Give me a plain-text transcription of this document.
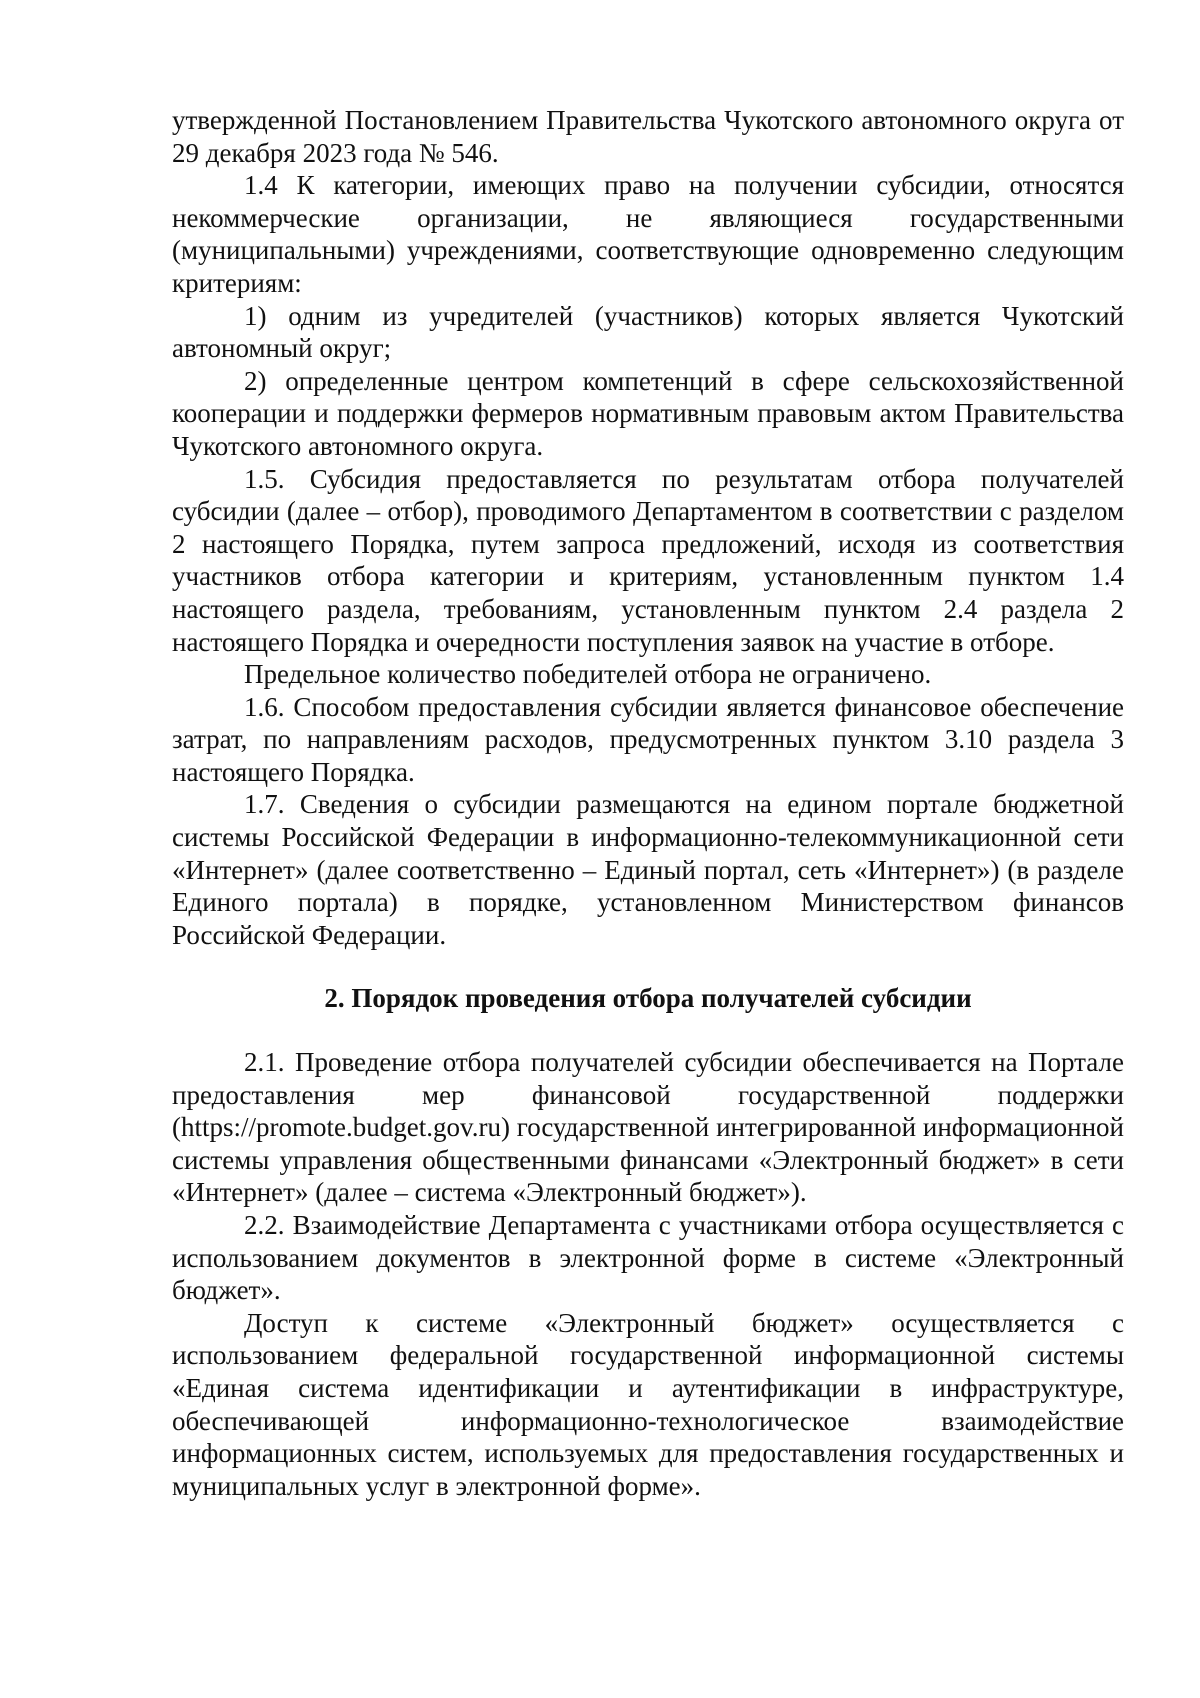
утвержденной Постановлением Правительства Чукотского автономного округа от 29 декабря 2023 года № 546.

1.4 К категории, имеющих право на получении субсидии, относятся некоммерческие организации, не являющиеся государственными (муниципальными) учреждениями, соответствующие одновременно следующим критериям:

1) одним из учредителей (участников) которых является Чукотский автономный округ;

2) определенные центром компетенций в сфере сельскохозяйственной кооперации и поддержки фермеров нормативным правовым актом Правительства Чукотского автономного округа.

1.5. Субсидия предоставляется по результатам отбора получателей субсидии (далее – отбор), проводимого Департаментом в соответствии с разделом 2 настоящего Порядка, путем запроса предложений, исходя из соответствия участников отбора категории и критериям, установленным пунктом 1.4 настоящего раздела, требованиям, установленным пунктом 2.4 раздела 2 настоящего Порядка и очередности поступления заявок на участие в отборе.

Предельное количество победителей отбора не ограничено.

1.6. Способом предоставления субсидии является финансовое обеспечение затрат, по направлениям расходов, предусмотренных пунктом 3.10 раздела 3 настоящего Порядка.

1.7. Сведения о субсидии размещаются на едином портале бюджетной системы Российской Федерации в информационно-телекоммуникационной сети «Интернет» (далее соответственно – Единый портал, сеть «Интернет») (в разделе Единого портала) в порядке, установленном Министерством финансов Российской Федерации.

2. Порядок проведения отбора получателей субсидии

2.1. Проведение отбора получателей субсидии обеспечивается на Портале предоставления мер финансовой государственной поддержки (https://promote.budget.gov.ru) государственной интегрированной информационной системы управления общественными финансами «Электронный бюджет» в сети «Интернет» (далее – система «Электронный бюджет»).

2.2. Взаимодействие Департамента с участниками отбора осуществляется с использованием документов в электронной форме в системе «Электронный бюджет».

Доступ к системе «Электронный бюджет» осуществляется с использованием федеральной государственной информационной системы «Единая система идентификации и аутентификации в инфраструктуре, обеспечивающей информационно-технологическое взаимодействие информационных систем, используемых для предоставления государственных и муниципальных услуг в электронной форме».
